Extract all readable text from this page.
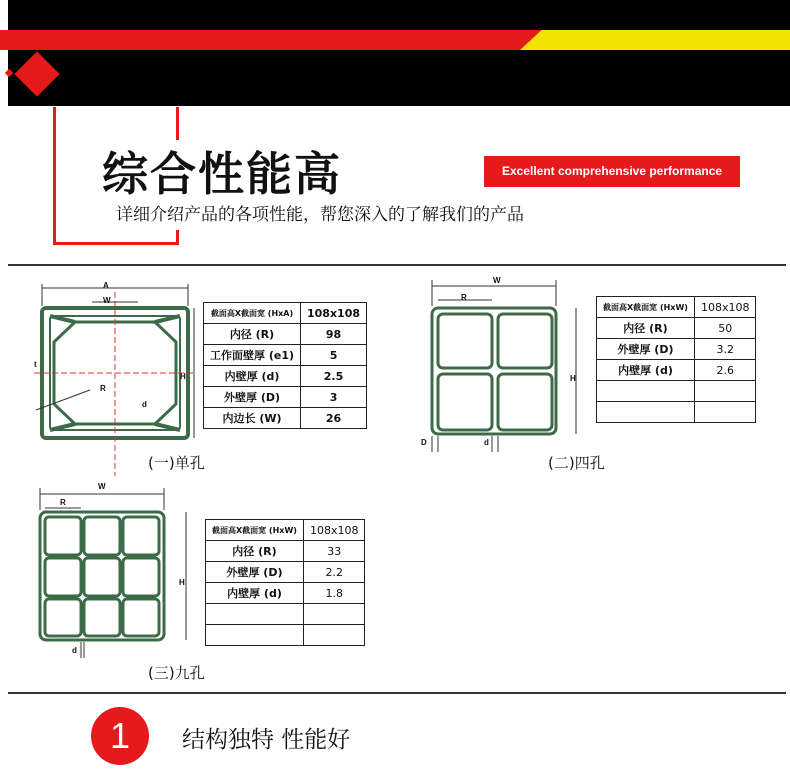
综合性能高
详细介绍产品的各项性能，帮您深入的了解我们的产品
Excellent comprehensive performance
A
W
R
H
t
d
截面高X截面宽 (HxA)	108x108
内径 (R)	98
工作面壁厚 (e1)	5
内壁厚 (d)	2.5
外壁厚 (D)	3
内边长 (W)	26
(一)单孔
W
R
H
D	d
截面高X截面宽 (HxW)	108x108
内径 (R)	50
外壁厚 (D)	3.2
内壁厚 (d)	2.6

(二)四孔
W
R
H
d
截面高X截面宽 (HxW)	108x108
内径 (R)	33
外壁厚 (D)	2.2
内壁厚 (d)	1.8

(三)九孔
1	结构独特 性能好
